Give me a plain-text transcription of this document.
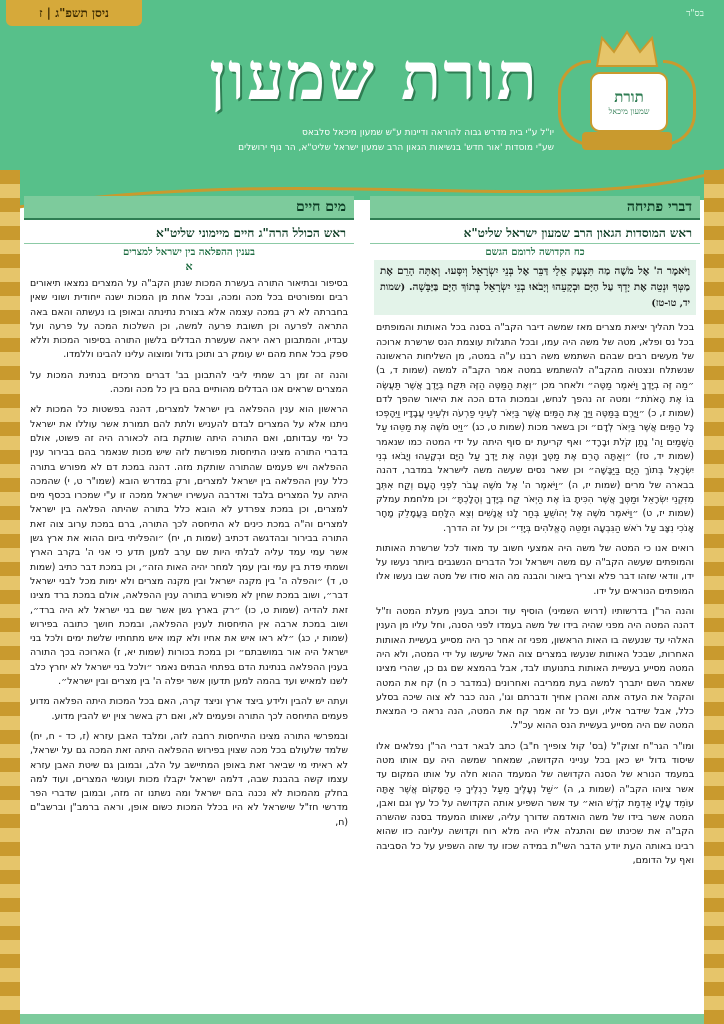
ניסן תשפ"ג | ז	בס"ד
תורת שמעון
יו"ל ע"י בית מדרש גבוה להוראה ודיינות ע"ש שמעון מיכאל סלבאס
שע"י מוסדות 'אור חדש' בנשיאות הגאון הרב שמעון ישראל שליט"א, הר נוף ירושלים
תורת
שמעון מיכאל
דברי פתיחה
ראש המוסדות הגאון הרב שמעון ישראל שליט"א
כח הקדושה לרומם הגשם

וַיֹּאמֶר ה' אֶל מֹשֶׁה מַה תִּצְעַק אֵלָי דַּבֵּר אֶל בְּנֵי יִשְׂרָאֵל וְיִסָּעוּ. וְאַתָּה הָרֵם אֶת מַטְּךָ וּנְטֵה אֶת יָדְךָ עַל הַיָּם וּבְקָעֵהוּ וְיָבֹאוּ בְנֵי יִשְׂרָאֵל בְּתוֹךְ הַיָּם בַּיַּבָּשָׁה. (שמות יד, טו-טז)

בכל תהליך יציאת מצרים מאז שמשה דיבר הקב"ה בסנה בכל האותות והמופתים בכל נס ופלא, מטה של משה היה עמו, ובכל התגלות עוצמת הנס שרשרת ארוכה של מעשים רבים שבהם השתמש משה רבנו ע"ה במטה, מן השליחות הראשונה שנשתלח ונצטוה מהקב"ה להשתמש במטה אמר הקב"ה למשה (שמות ד, ב) ״מַה זֶּה בְיָדֶךָ וַיֹּאמֶר מַטֶּה״ ולאחר מכן ״וְאֶת הַמַּטֶּה הַזֶּה תִּקַּח בְּיָדֶךָ אֲשֶׁר תַּעֲשֶׂה בּוֹ אֶת הָאֹתֹת״ ומטה זה נהפך לנחש, ובמכות הדם הכה את היאור שהפך לדם (שמות ז, כ) ״וַיָּרֶם בַּמַּטֶּה וַיַּךְ אֶת הַמַּיִם אֲשֶׁר בַּיְאֹר לְעֵינֵי פַרְעֹה וּלְעֵינֵי עֲבָדָיו וַיֵּהָפְכוּ כָּל הַמַּיִם אֲשֶׁר בַּיְאֹר לְדָם״ וכן בשאר מכות (שמות ט, כג) ״וַיֵּט מֹשֶׁה אֶת מַטֵּהוּ עַל הַשָּׁמַיִם וַה' נָתַן קֹלֹת וּבָרָד״ ואף קריעת ים סוף היתה על ידי המטה כמו שנאמר (שמות יד, טז) ״וְאַתָּה הָרֵם אֶת מַטְּךָ וּנְטֵה אֶת יָדְךָ עַל הַיָּם וּבְקָעֵהוּ וְיָבֹאוּ בְנֵי יִשְׂרָאֵל בְּתוֹךְ הַיָּם בַּיַּבָּשָׁה״ וכן שאר נסים שעשה משה לישראל במדבר, דהנה בבארה של מרים (שמות יז, ה) ״וַיֹּאמֶר ה' אֶל מֹשֶׁה עֲבֹר לִפְנֵי הָעָם וְקַח אִתְּךָ מִזִּקְנֵי יִשְׂרָאֵל וּמַטְּךָ אֲשֶׁר הִכִּיתָ בּוֹ אֶת הַיְאֹר קַח בְּיָדְךָ וְהָלָכְתָּ״ וכן מלחמת עמלק (שמות יז, ט) ״וַיֹּאמֶר מֹשֶׁה אֶל יְהוֹשֻׁעַ בְּחַר לָנוּ אֲנָשִׁים וְצֵא הִלָּחֵם בַּעֲמָלֵק מָחָר אָנֹכִי נִצָּב עַל רֹאשׁ הַגִּבְעָה וּמַטֵּה הָאֱלֹהִים בְּיָדִי״ וכן על זה הדרך.

רואים אנו כי המטה של משה היה אמצעי חשוב עד מאוד לכל שרשרת האותות והמופתים שעשה הקב"ה עם משה וישראל וכל הדברים הנשגבים ביותר נעשו על ידו, וודאי שזהו דבר פלא וצריך ביאור והבנה מה הוא סודו של מטה שבו נעשו אלו המופתים הנוראים על ידו.

והנה הר"ן בדרשותיו (דרוש השמיני) הוסיף עוד וכתב בענין מעלת המטה וז"ל דהנה המטה היה מפני שהיה בידו של משה בעמדו לפני הסנה, וחל עליו מן הענין האלהי עד שנעשה בו האות הראשון, מפני זה אחר כך היה מסייע בעשיית האותות האחרות, שבכל האותות שנעשו במצרים צוה האל שיעשו על ידי המטה, ולא היה המטה מסייע בעשיית האותות בתנועתו לבד, אבל בהמצא שם גם כן, שהרי מצינו שאמר השם יתברך למשה בעת ממריבה ואחרונים (במדבר כ ח) קח את המטה והקהל את העדה אתה ואהרן אחיך ודברתם וגו', הנה כבר לא צוה שיכה בסלע כלל, אבל שידבר אליו, ועם כל זה אמר קח את המטה, הנה נראה כי המצאת המטה שם היה מסייע בעשיית הנס ההוא עכ"ל.

ומו"ר הגר"ח זצוק"ל (בס' קול צופייך ח"ב) כתב לבאר דברי הר"ן נפלאים אלו שיסוד גדול יש כאן בכל ענייני הקדושה, שמאחר שמשה היה עם אותו מטה במעמד הנורא של הסנה הקדושה של המעמד ההוא חלה על אותו המקום עד אשר ציוהו הקב"ה (שמות ג, ה) ״שַׁל נְעָלֶיךָ מֵעַל רַגְלֶיךָ כִּי הַמָּקוֹם אֲשֶׁר אַתָּה עוֹמֵד עָלָיו אַדְמַת קֹדֶשׁ הוּא״ עד אשר השפיע אותה הקדושה על כל עץ וגם ואבן, המטה אשר בידו של משה הואדמה שדורך עליה, שאותו המעמד בסנה שהשרה הקב"ה את שכינתו שם והתגלה אליו היה מלא רוח וקדושה עליונה כזו שהוא רבינו באותה העת יודע הדבר השי"ת במידה שכזו עד שזה השפיע על כל הסביבה ואף על הדומם,

מים חיים
ראש הכולל הרה"ג חיים מיימוני שליט"א
בענין ההפלאה בין ישראל למצרים
א

בסיפור ובתיאור התורה בעשרת המכות שנתן הקב"ה על המצרים נמצאו תיאורים רבים ומפורטים בכל מכה ומכה, ובכל אחת מן המכות ישנה ייחודית ושוני שאין בחברתה לא רק במכה עצמה אלא בצורת נתינתה ובאופן בו נעשתה והאם באה התראה לפרעה וכן תשובת פרעה למשה, וכן השלכות המכה על פרעה ועל עבדיו, והמתבונן ראה יראה שעשרת הבדלים בלשון התורה בסיפור המכות וללא ספק בכל אחת מהם יש עומק רב ותוכן גדול ומוצוה עלינו להבינו וללמדו.

והנה זה זמן רב שמתי ליבי להתבונן בב' דברים מרכזים בנתינת המכות על המצרים שראים אנו הבדלים מהותיים בהם בין כל מכה ומכה.

הראשון הוא ענין ההפלאה בין ישראל למצרים, דהנה בפשטות כל המכות לא ניתנו אלא על המצרים לבדם להעניש ולתת להם תמורת אשר עוללו את ישראל כל ימי עבדותם, ואם התורה היתה שותקת בזה לכאורה היה זה פשוט, אולם בדברי התורה מצינו התיחסות מפורשת לזה שיש מכות שנאמר בהם בבירור ענין ההפלאה ויש פעמים שהתורה שותקת מזה. דהנה במכת דם לא מפורש בתורה כלל ענין ההפלאה בין ישראל למצרים, ורק במדרש הובא (שמו"ר ט, י) שהמכה היתה על המצרים בלבד ואדרבה העשירו ישראל ממכה זו ע"י שמכרו בכסף מים למצרים, וכן במכת צפרדע לא הובא כלל בתורה שהיתה הפלאה בין ישראל למצרים וה"ה במכת כינים לא התיחסה לכך התורה, ברם במכת ערוב צוה זאת התורה בבירור ובהדגשה דכתיב (שמות ח, יח) ״והפליתי ביום ההוא את ארץ גשן אשר עמי עמד עליה לבלתי היות שם ערב למען תדע כי אני ה' בקרב הארץ ושמתי פדת בין עמי ובין עמך למחר יהיה האות הזה״, וכן במכת דבר כתיב (שמות ט, ד) ״והפלה ה' בין מקנה ישראל ובין מקנה מצרים ולא ימות מכל לבני ישראל דבר״, ושוב במכת שחין לא מפורש בתורה ענין ההפלאה, אולם במכת ברד מצינו זאת להדיה (שמות ט, כו) ״רק בארץ גשן אשר שם בני ישראל לא היה ברד״, ושוב במכת ארבה אין התיחסות לענין ההפלאה, ובמכת חושך כתובה בפירוש (שמות י, כג) ״לא ראו איש את אחיו ולא קמו איש מתחתיו שלשת ימים ולכל בני ישראל היה אור במושבתם״ וכן במכת בכורות (שמות יא, ז) הארוכה בכך התורה בענין ההפלאה בנתינת הדם בפתחי הבתים נאמר ״ולכל בני ישראל לא יחרץ כלב לשנו למאיש ועד בהמה למען תדעון אשר יפלה ה' בין מצרים ובין ישראל״.

ועתה יש להבין ולידע ביצד ארץ וניצד קרה, האם בכל המכות היתה הפלאה מדוע פעמים התיחסה לכך התורה ופעמים לא, ואם רק באשר צוין יש להבין מדוע.

ובמפרשי התורה מצינו התייחסות רחבה לזה, ומלבד האבן עזרא (ז, כד - ח, יח) שלמד שלעולם בכל מכה שצוין בפירוש ההפלאה היתה זאת המכה גם על ישראל, לא ראיתי מי שביאר זאת באופן המתיישב על הלב, ובמובן גם שיטת האבן עזרא עצמו קשה בהבנת שבה, דלמה ישראל יקבלו מכות ועונשי המצרים, ועוד למה בחלק מהמכות לא נכנה בהם ישראל ומה נשתנו זה מזה, ובמובן שדברי הפר מדרשי חז"ל שישראל לא היו בכלל המכות כשום אופן, וראה ברמב"ן וברשב"ם (ח,
